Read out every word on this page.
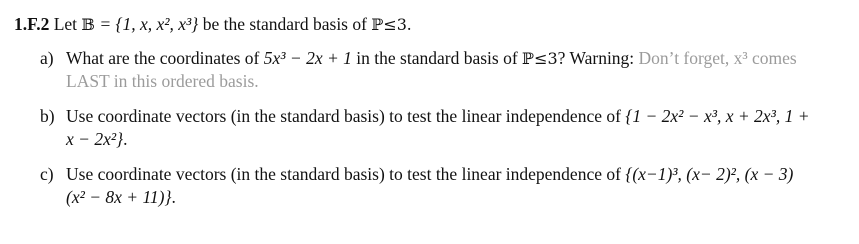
1.F.2 Let 𝔹 = {1, x, x², x³} be the standard basis of ℙ≤3.
a) What are the coordinates of 5x³ − 2x + 1 in the standard basis of ℙ≤3? Warning: Don’t forget, x³ comes LAST in this ordered basis.
b) Use coordinate vectors (in the standard basis) to test the linear independence of {1 − 2x² − x³, x + 2x³, 1 + x − 2x²}.
c) Use coordinate vectors (in the standard basis) to test the linear independence of {(x−1)³, (x− 2)², (x − 3)(x² − 8x + 11)}.
